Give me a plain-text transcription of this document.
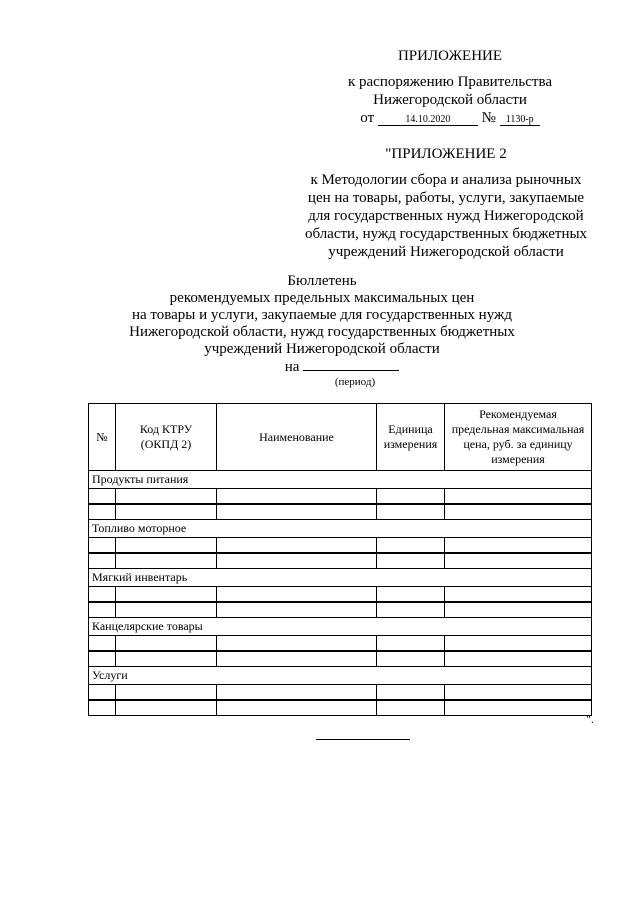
ПРИЛОЖЕНИЕ
к распоряжению Правительства
Нижегородской области
от	14.10.2020 № 1130-р
"ПРИЛОЖЕНИЕ 2
к Методологии сбора и анализа рыночных
цен на товары, работы, услуги, закупаемые
для государственных нужд Нижегородской
области, нужд государственных бюджетных
учреждений Нижегородской области
Бюллетень
рекомендуемых предельных максимальных цен
на товары и услуги, закупаемые для государственных нужд
Нижегородской области, нужд государственных бюджетных
учреждений Нижегородской области
на
(период)
№	Код КТРУ (ОКПД 2)	Наименование	Единица измерения	Рекомендуемая предельная максимальная цена, руб. за единицу измерения
Продукты питания				

Топливо моторное				

Мягкий инвентарь				

Канцелярские товары				

Услуги				

".
